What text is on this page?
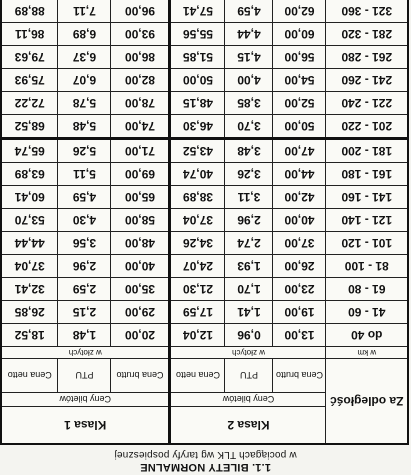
1.1. BILETY NORMALNE
w pociągach TLK wg taryfy pospiesznej
Za odległość	Klasa 2			Klasa 1		
	Ceny biletów			Ceny biletów		
	Cena brutto	PTU	Cena netto	Cena brutto	PTU	Cena netto
w km	w złotych			w złotych		
do 40	13,00	0,96	12,04	20,00	1,48	18,52
41 - 60	19,00	1,41	17,59	29,00	2,15	26,85
61 - 80	23,00	1,70	21,30	35,00	2,59	32,41
81 - 100	26,00	1,93	24,07	40,00	2,96	37,04
101 - 120	37,00	2,74	34,26	48,00	3,56	44,44
121 - 140	40,00	2,96	37,04	58,00	4,30	53,70
141 - 160	42,00	3,11	38,89	65,00	4,59	60,41
161 - 180	44,00	3,26	40,74	69,00	5,11	63,89
181 - 200	47,00	3,48	43,52	71,00	5,26	65,74
201 - 220	50,00	3,70	46,30	74,00	5,48	68,52
221 - 240	52,00	3,85	48,15	78,00	5,78	72,22
241 - 260	54,00	4,00	50,00	82,00	6,07	75,93
261 - 280	56,00	4,15	51,85	86,00	6,37	79,63
281 - 320	60,00	4,44	55,56	93,00	6,89	86,11
321 - 360	62,00	4,59	57,41	96,00	7,11	88,89
